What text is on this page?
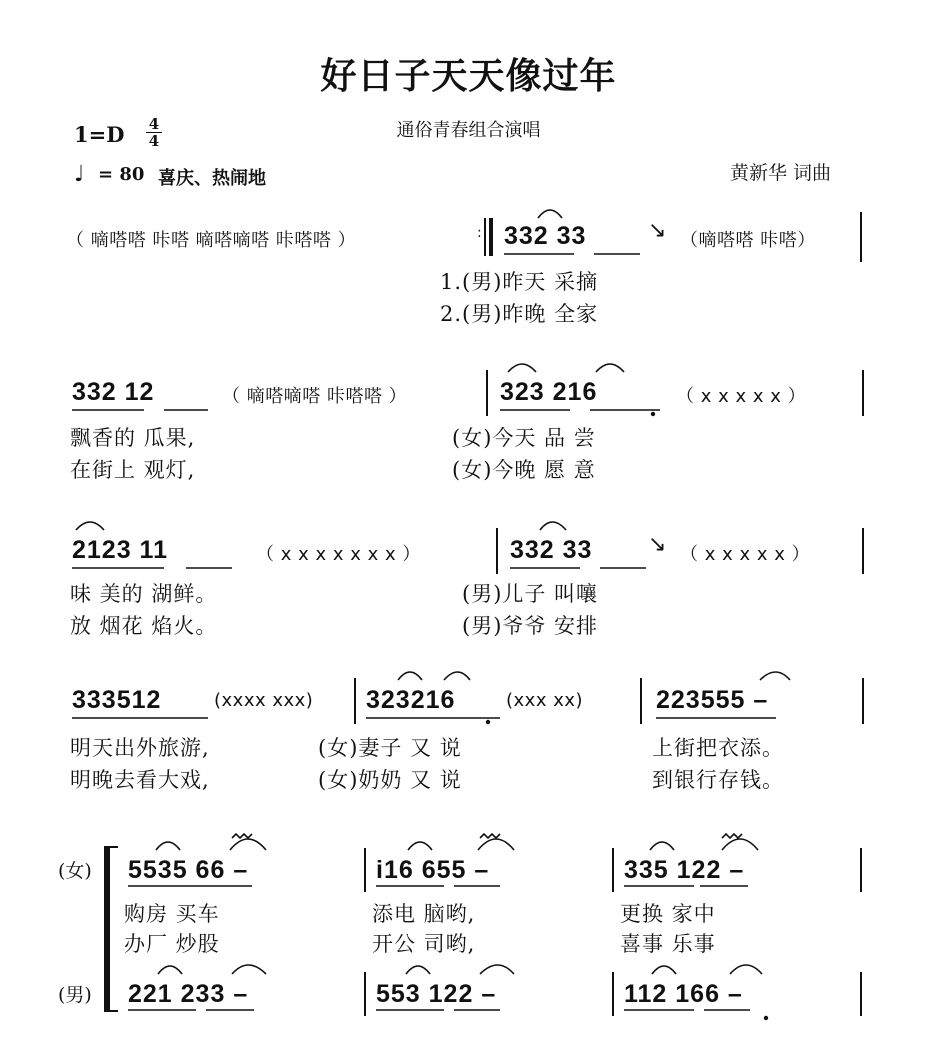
好日子天天像过年
通俗青春组合演唱
黄新华 词曲
1=D 4
4
♩ = 80 喜庆、热闹地
（ 嘀嗒嗒 咔嗒 嘀嗒嘀嗒 咔嗒嗒 ）	: 332 33	↘ （嘀嗒嗒 咔嗒）
1.(男)昨天 采摘
2.(男)昨晚 全家
332 12	（ 嘀嗒嘀嗒 咔嗒嗒 ）	323 216	（ x x x x x ）
飘香的 瓜果,	(女)今天 品 尝
在街上 观灯,	(女)今晚 愿 意
2123 11	（ x x x x x x x ）	332 33	↘ （ x x x x x ）
味 美的 湖鲜。	(男)儿子 叫嚷
放 烟花 焰火。	(男)爷爷 安排
333512	(xxxx xxx) 323216	(xxx xx)	223555 –
明天出外旅游,	(女)妻子 又 说	上街把衣添。
明晚去看大戏,	(女)奶奶 又 说	到银行存钱。
(女)
(男)
5535 66 –	i16 655 –	335 122 –
购房 买车	添电 脑哟,	更换 家中
办厂 炒股	开公 司哟,	喜事 乐事
221 233 –	553 122 –	112 166 –
